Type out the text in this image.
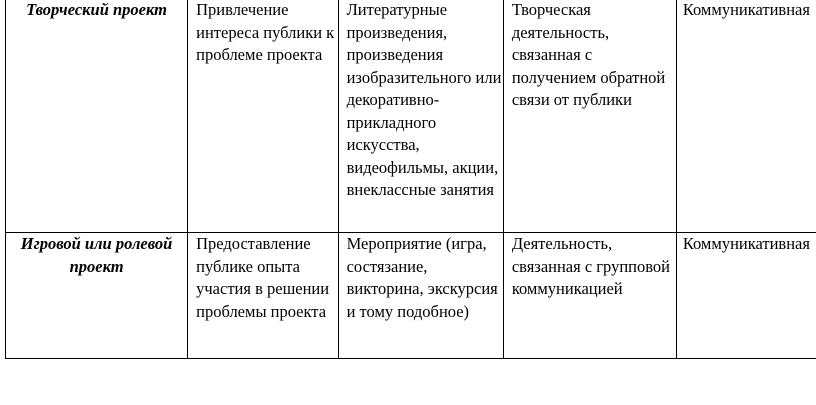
Творческий проект	Привлечение интереса публики к проблеме проекта	Литературные произведения, произведения изобразительного или декоративно-прикладного искусства, видеофильмы, акции, внеклассные занятия	Творческая деятельность, связанная с получением обратной связи от публики	Коммуникативная

Игровой или ролевой проект	Предоставление публике опыта участия в решении проблемы проекта	Мероприятие (игра, состязание, викторина, экскурсия и тому подобное)	Деятельность, связанная с групповой коммуникацией	Коммуникативная
